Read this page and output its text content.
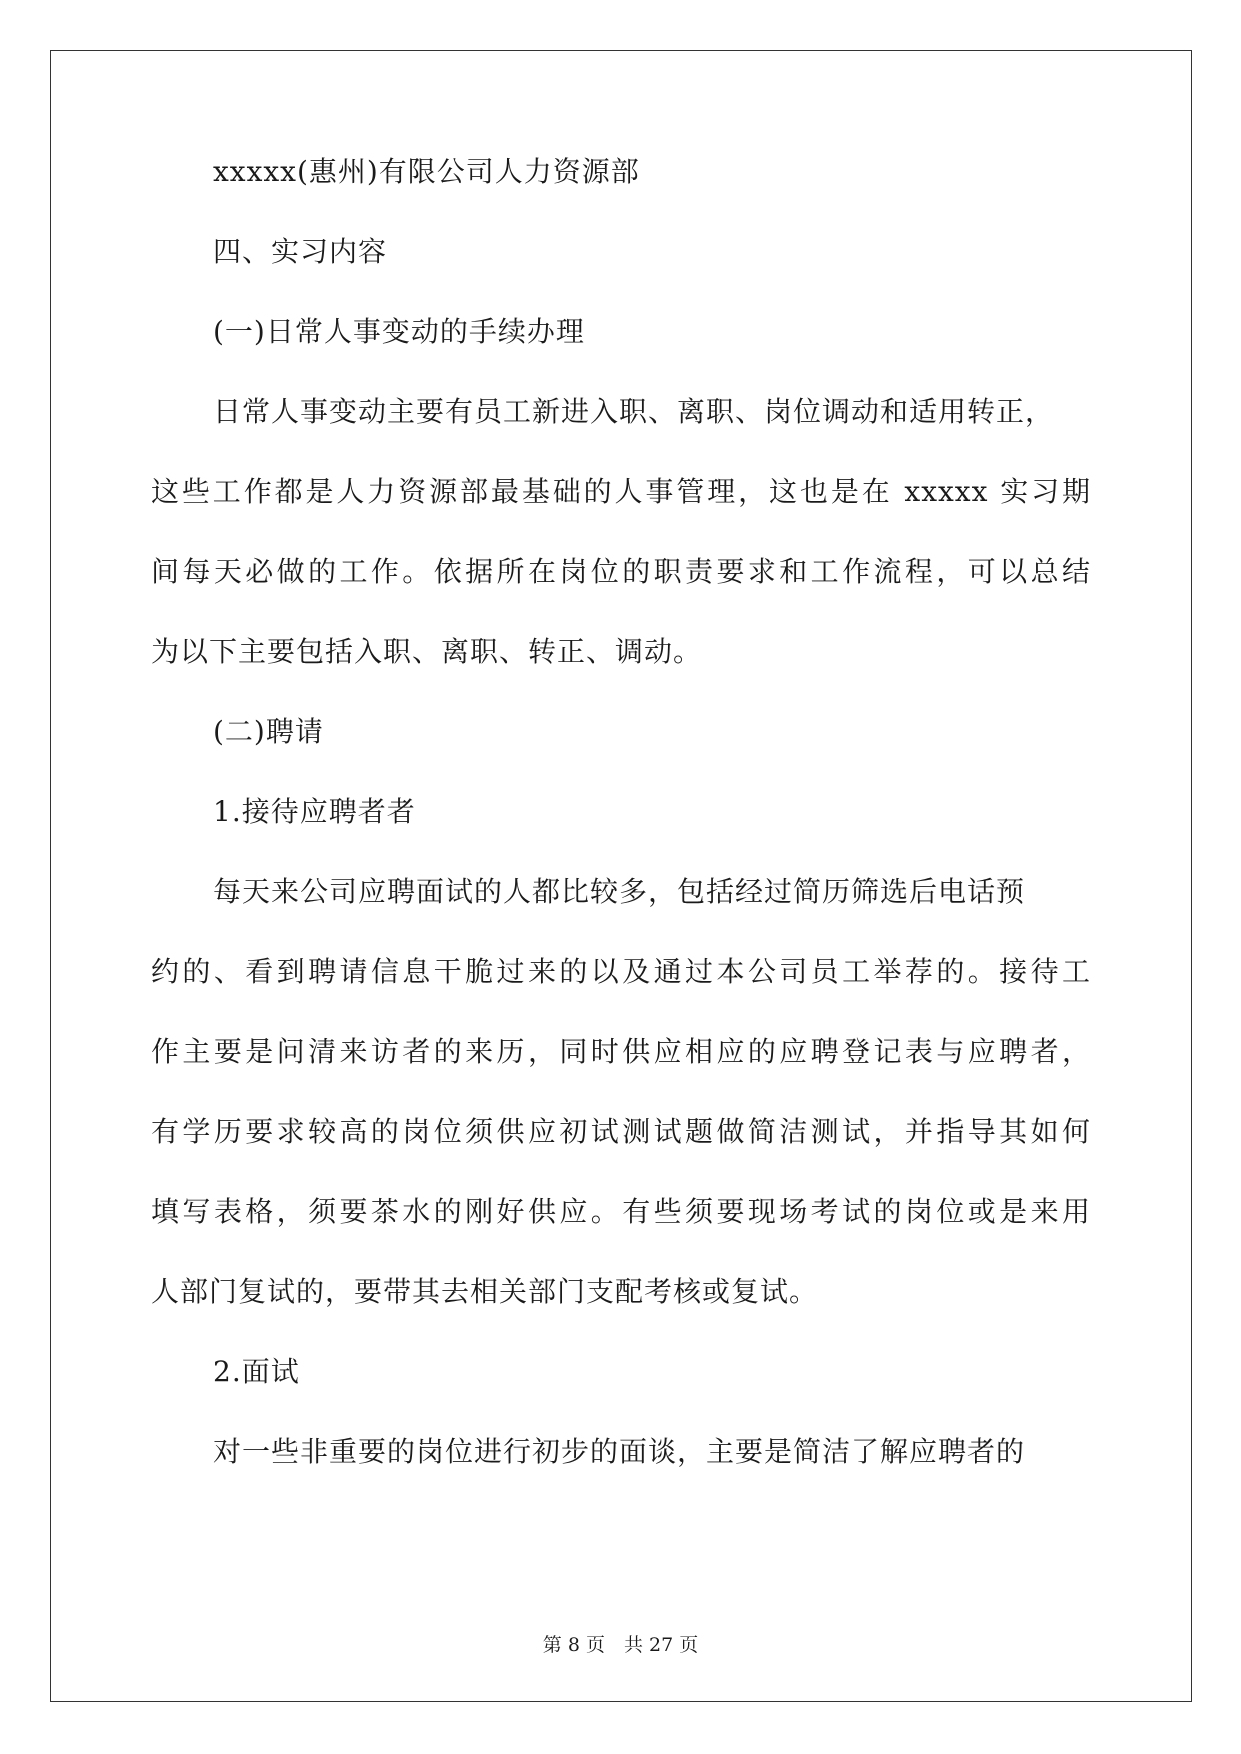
xxxxx(惠州)有限公司人力资源部
四、实习内容
(一)日常人事变动的手续办理
日常人事变动主要有员工新进入职、离职、岗位调动和适用转正，
这些工作都是人力资源部最基础的人事管理，这也是在 xxxxx 实习期
间每天必做的工作。依据所在岗位的职责要求和工作流程，可以总结
为以下主要包括入职、离职、转正、调动。
(二)聘请
1.接待应聘者者
每天来公司应聘面试的人都比较多，包括经过简历筛选后电话预
约的、看到聘请信息干脆过来的以及通过本公司员工举荐的。接待工
作主要是问清来访者的来历，同时供应相应的应聘登记表与应聘者，
有学历要求较高的岗位须供应初试测试题做简洁测试，并指导其如何
填写表格，须要茶水的刚好供应。有些须要现场考试的岗位或是来用
人部门复试的，要带其去相关部门支配考核或复试。
2.面试
对一些非重要的岗位进行初步的面谈，主要是简洁了解应聘者的
第 8 页　共 27 页
